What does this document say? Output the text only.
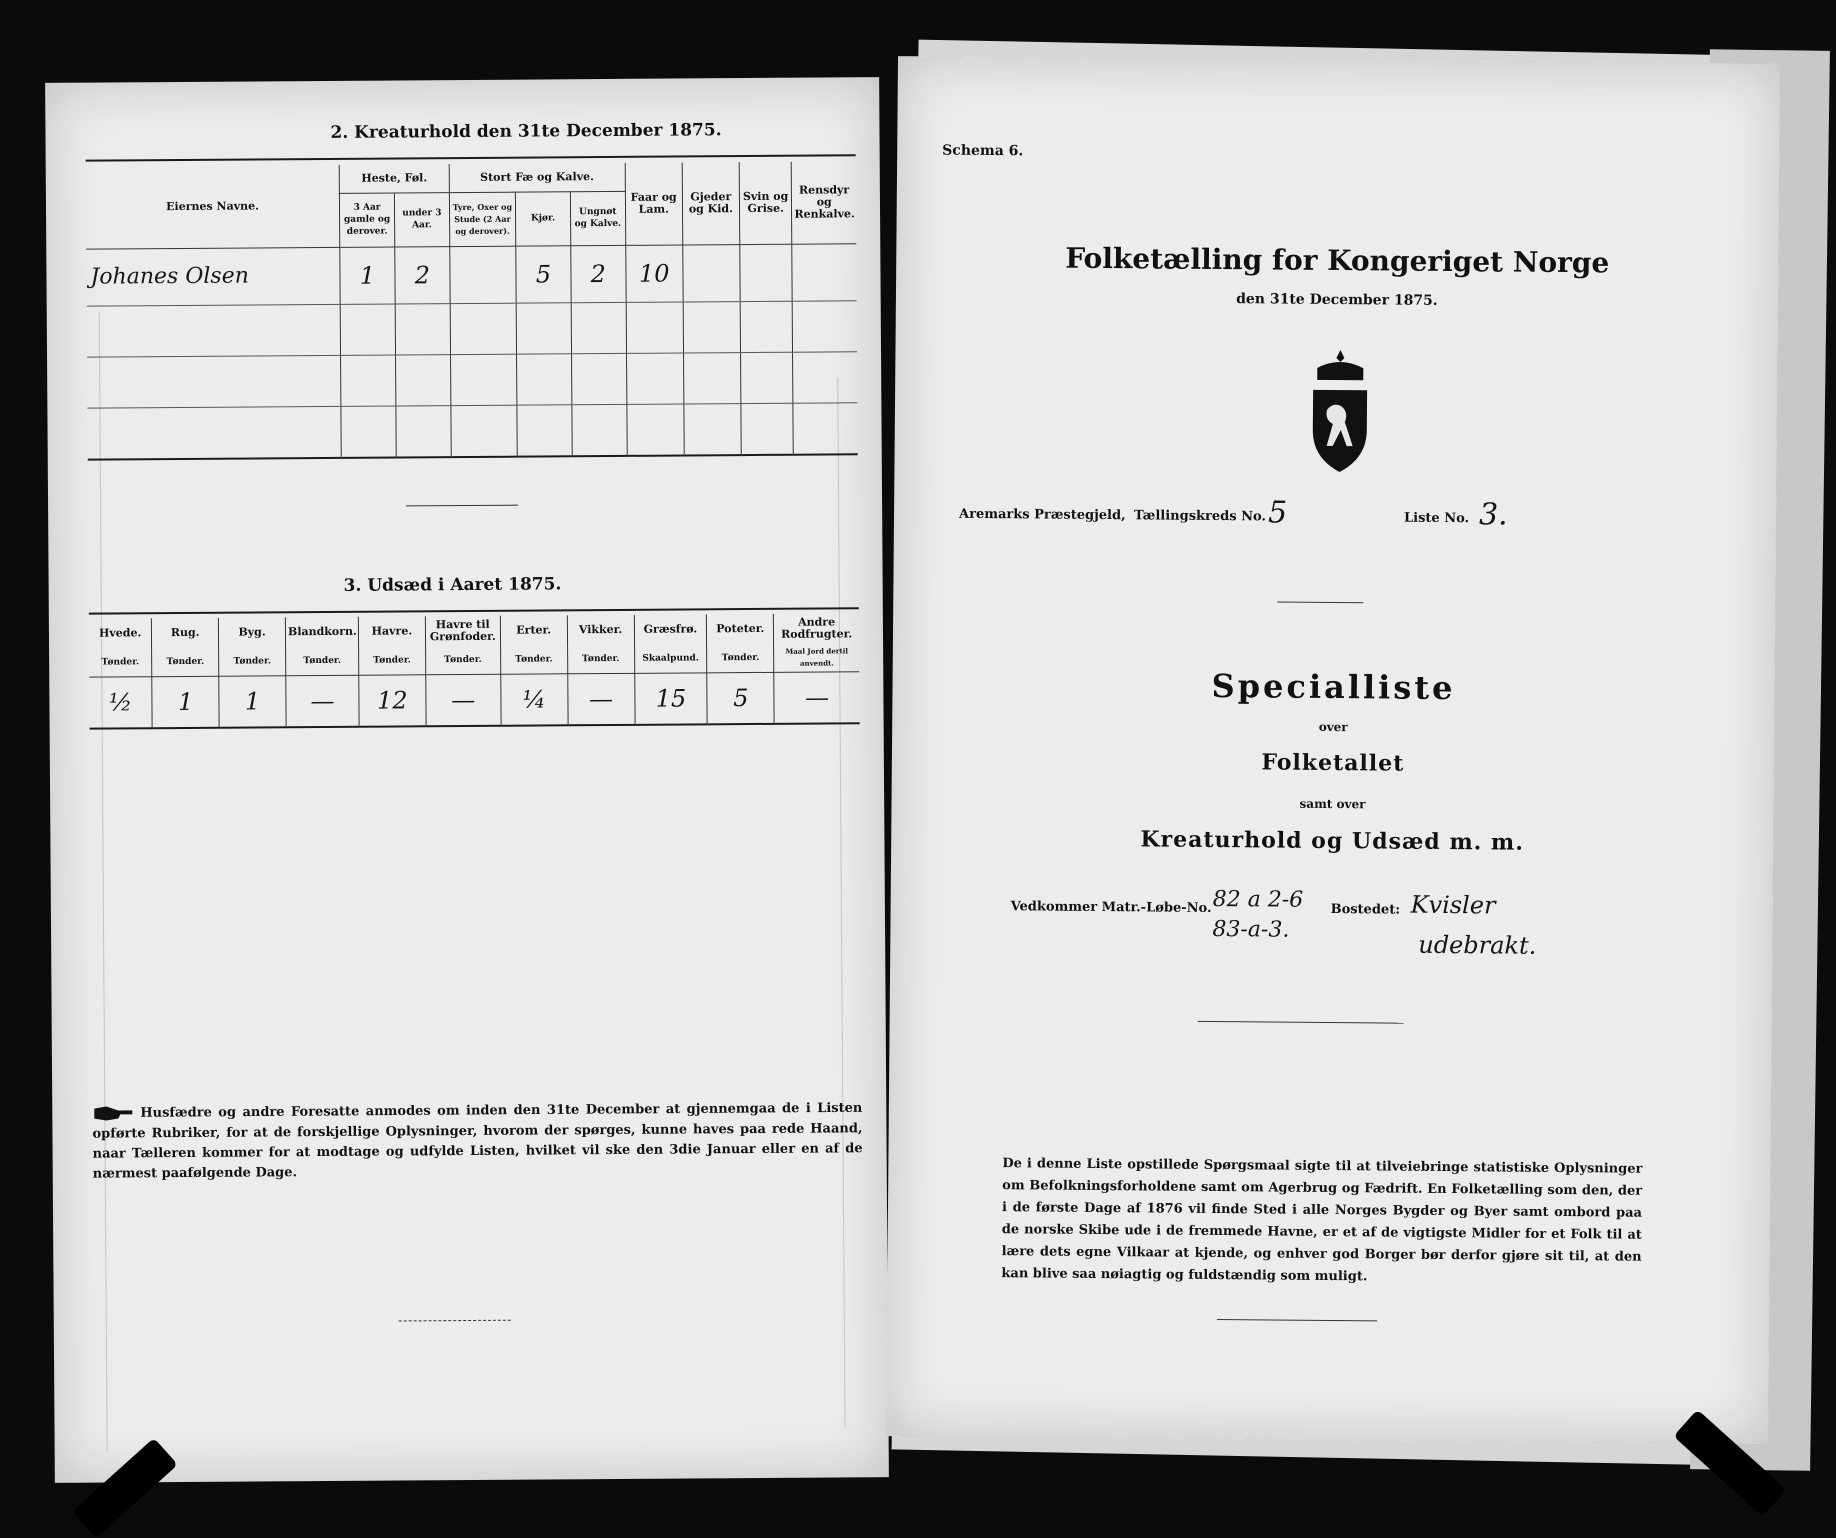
2. Kreaturhold den 31te December 1875.
Eiernes Navne.	Heste, Føl.		Stort Fæ og Kalve.			Faar og Lam.	Gjeder og Kid.	Svin og Grise.	Rensdyr og Renkalve.
	3 Aar gamle og derover.	under 3 Aar.	Tyre, Oxer og Stude (2 Aar og derover).	Kjør.	Ungnøt og Kalve.				
Johanes Olsen	1	2		5	2	10			

3. Udsæd i Aaret 1875.
Hvede.	Rug.	Byg.	Blandkorn.	Havre.	Havre til Grønfoder.	Erter.	Vikker.	Græsfrø.	Poteter.	Andre Rodfrugter.
Tønder.	Tønder.	Tønder.	Tønder.	Tønder.	Tønder.	Tønder.	Tønder.	Skaalpund.	Tønder.	Maal Jord dertil anvendt.
½	1	1	—	12	—	¼	—	15	5	—
Husfædre og andre Foresatte anmodes om inden den 31te December at gjennemgaa de i Listen opførte Rubriker, for at de forskjellige Oplysninger, hvorom der spørges, kunne haves paa rede Haand, naar Tælleren kommer for at modtage og udfylde Listen, hvilket vil ske den 3die Januar eller en af de nærmest paafølgende Dage.
Schema 6.
Folketælling for Kongeriget Norge
den 31te December 1875.
Aremarks Præstegjeld, Tællingskreds No. 5	Liste No. 3.
Specialliste
over
Folketallet
samt over
Kreaturhold og Udsæd m. m.
Vedkommer Matr.-Løbe-No. 82 a 2-6
83-a-3.
Bostedet: Kvisler
udebrakt.
De i denne Liste opstillede Spørgsmaal sigte til at tilveiebringe statistiske Oplysninger om Befolkningsforholdene samt om Agerbrug og Fædrift. En Folketælling som den, der i de første Dage af 1876 vil finde Sted i alle Norges Bygder og Byer samt ombord paa de norske Skibe ude i de fremmede Havne, er et af de vigtigste Midler for et Folk til at lære dets egne Vilkaar at kjende, og enhver god Borger bør derfor gjøre sit til, at den kan blive saa nøiagtig og fuldstændig som muligt.
